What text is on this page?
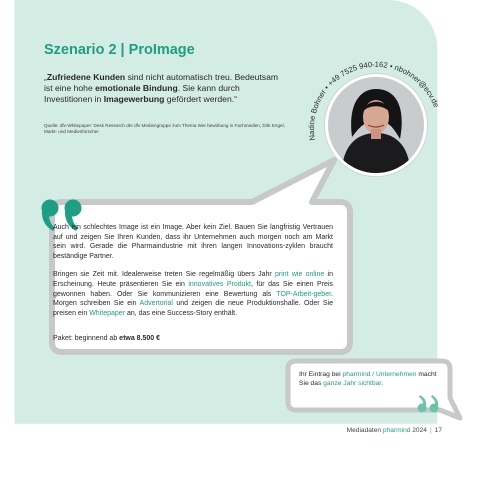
Szenario 2 | ProImage
„Zufriedene Kunden sind nicht automatisch treu. Bedeutsam ist eine hohe emotionale Bindung. Sie kann durch Investitionen in Imagewerbung gefördert werden.“
Quelle: dfv-Whitepaper: Desk Research der dfv Mediengruppe zum Thema Wer bewirbung in Fachmedien, Dirk Engel, Markt- und Medienforscher
Nadine Bohner • +49 7525 940-162 • nbohner@ecv.de

Auch ein schlechtes Image ist ein Image. Aber kein Ziel. Bauen Sie langfristig Vertrauen auf und zeigen Sie Ihren Kunden, dass ihr Unternehmen auch morgen noch am Markt sein wird. Gerade die Pharmaindustrie mit ihren langen Innovations-zyklen braucht beständige Partner.

Bringen sie Zeit mit. Idealerweise treten Sie regelmäßig übers Jahr print wie online in Erscheinung. Heute präsentieren Sie ein innovatives Produkt, für das Sie einen Preis gewonnen haben. Oder Sie kommunizieren eine Bewertung als TOP-Arbeit-geber. Morgen schreiben Sie ein Advertorial und zeigen die neue Produktionshalle. Oder Sie preisen ein Whitepaper an, das eine Success-Story enthält.

Paket: beginnend ab etwa 8.500 €
Ihr Eintrag bei pharmind / Unternehmen macht Sie das ganze Jahr sichtbar.
Mediadaten pharmind 2024 | 17
